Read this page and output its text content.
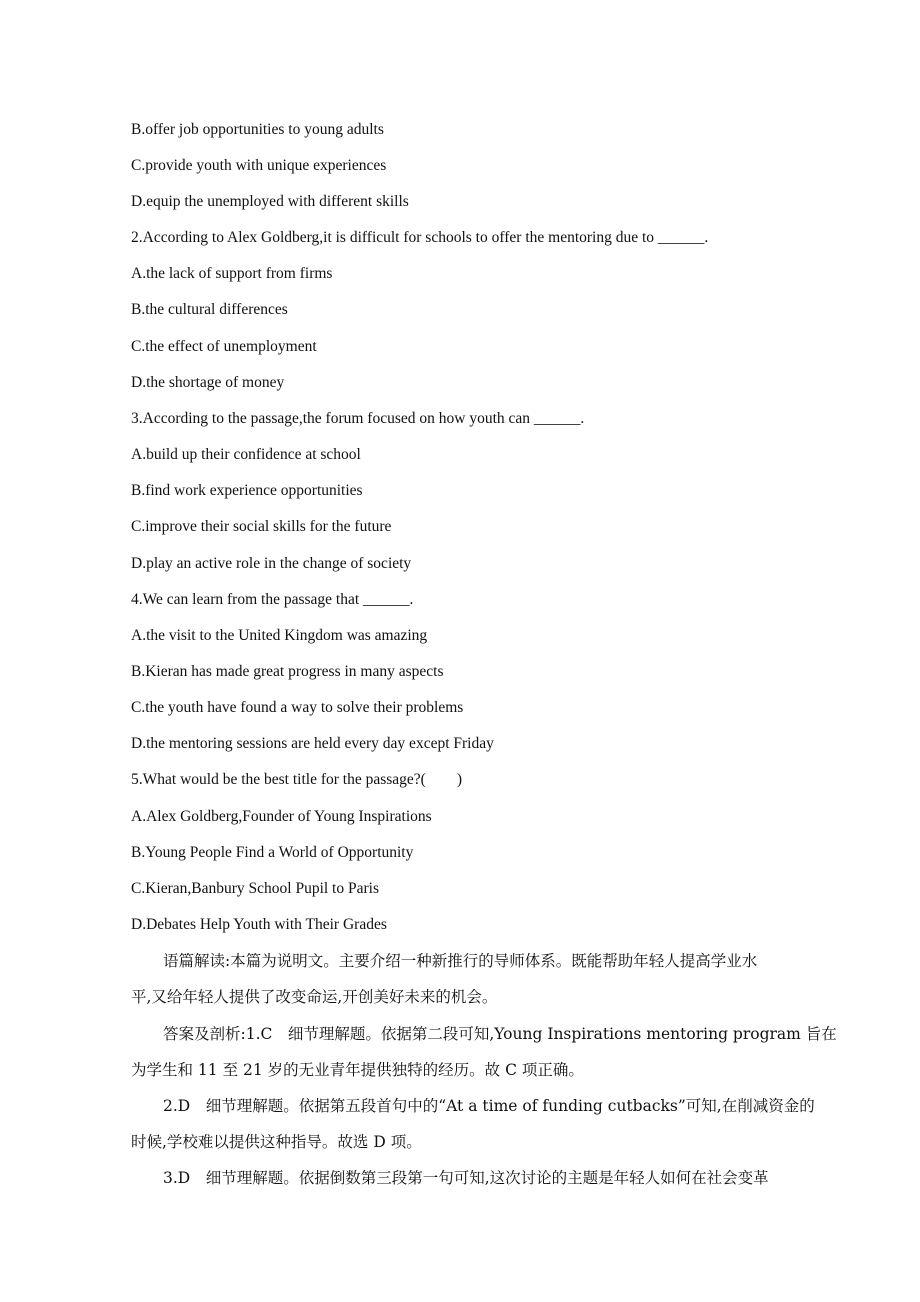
B.offer job opportunities to young adults
C.provide youth with unique experiences
D.equip the unemployed with different skills
2.According to Alex Goldberg,it is difficult for schools to offer the mentoring due to ______.
A.the lack of support from firms
B.the cultural differences
C.the effect of unemployment
D.the shortage of money
3.According to the passage,the forum focused on how youth can ______.
A.build up their confidence at school
B.find work experience opportunities
C.improve their social skills for the future
D.play an active role in the change of society
4.We can learn from the passage that ______.
A.the visit to the United Kingdom was amazing
B.Kieran has made great progress in many aspects
C.the youth have found a way to solve their problems
D.the mentoring sessions are held every day except Friday
5.What would be the best title for the passage?(　　)
A.Alex Goldberg,Founder of Young Inspirations
B.Young People Find a World of Opportunity
C.Kieran,Banbury School Pupil to Paris
D.Debates Help Youth with Their Grades
语篇解读:本篇为说明文。主要介绍一种新推行的导师体系。既能帮助年轻人提高学业水
平,又给年轻人提供了改变命运,开创美好未来的机会。
答案及剖析:1.C　细节理解题。依据第二段可知,Young Inspirations mentoring program 旨在
为学生和 11 至 21 岁的无业青年提供独特的经历。故 C 项正确。
2.D　细节理解题。依据第五段首句中的“At a time of funding cutbacks”可知,在削减资金的
时候,学校难以提供这种指导。故选 D 项。
3.D　细节理解题。依据倒数第三段第一句可知,这次讨论的主题是年轻人如何在社会变革
